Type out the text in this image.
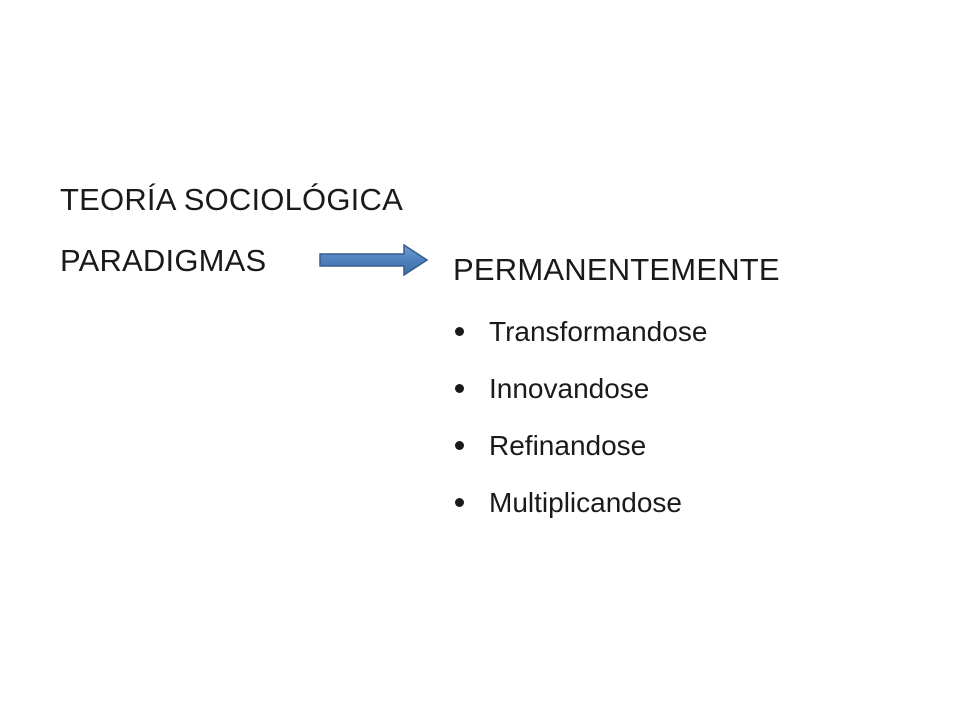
TEORÍA SOCIOLÓGICA
PARADIGMAS	PERMANENTEMENTE
Transformandose
Innovandose
Refinandose
Multiplicandose
